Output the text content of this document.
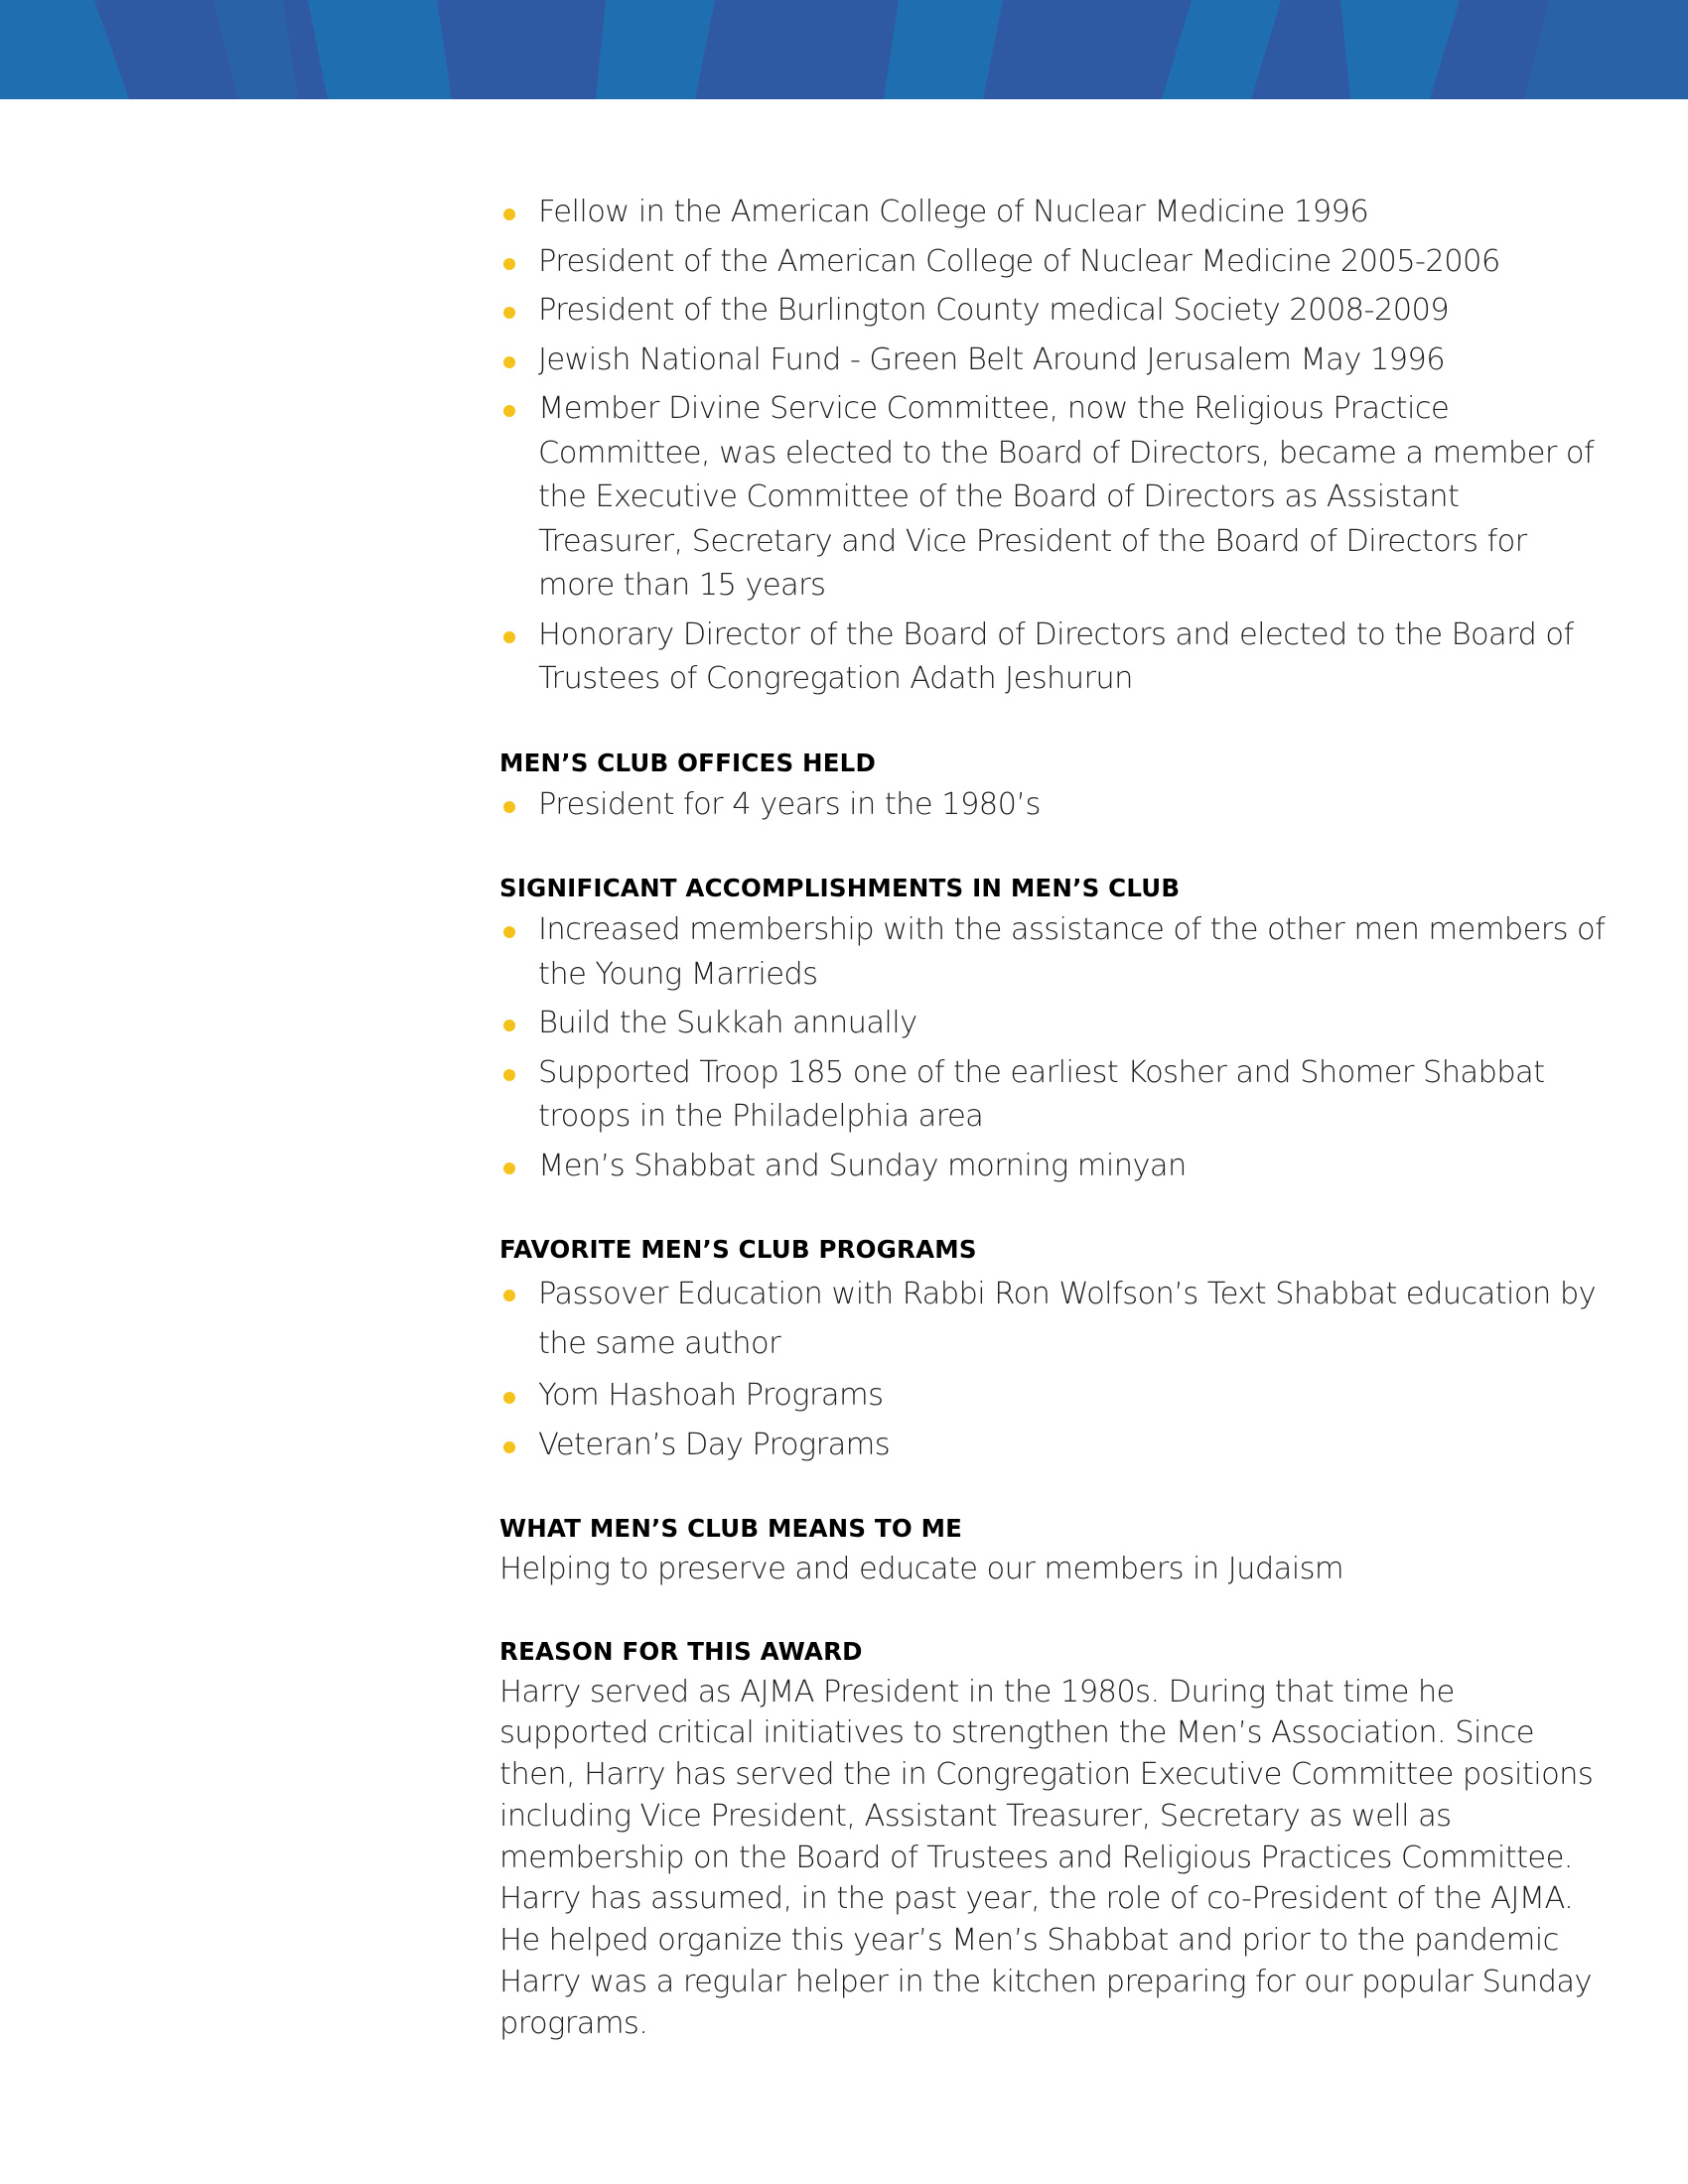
Fellow in the American College of Nuclear Medicine 1996
President of the American College of Nuclear Medicine 2005-2006
President of the Burlington County medical Society 2008-2009
Jewish National Fund - Green Belt Around Jerusalem May 1996
Member Divine Service Committee, now the Religious Practice Committee, was elected to the Board of Directors, became a member of the Executive Committee of the Board of Directors as Assistant Treasurer, Secretary and Vice President of the Board of Directors for more than 15 years
Honorary Director of the Board of Directors and elected to the Board of Trustees of Congregation Adath Jeshurun
MEN’S CLUB OFFICES HELD
President for 4 years in the 1980’s
SIGNIFICANT ACCOMPLISHMENTS IN MEN’S CLUB
Increased membership with the assistance of the other men members of the Young Marrieds
Build the Sukkah annually
Supported Troop 185 one of the earliest Kosher and Shomer Shabbat troops in the Philadelphia area
Men’s Shabbat and Sunday morning minyan
FAVORITE MEN’S CLUB PROGRAMS
Passover Education with Rabbi Ron Wolfson’s Text Shabbat education by the same author
Yom Hashoah Programs
Veteran’s Day Programs
WHAT MEN’S CLUB MEANS TO ME

Helping to preserve and educate our members in Judaism

REASON FOR THIS AWARD

Harry served as AJMA President in the 1980s. During that time he supported critical initiatives to strengthen the Men’s Association. Since then, Harry has served the in Congregation Executive Committee positions including Vice President, Assistant Treasurer, Secretary as well as membership on the Board of Trustees and Religious Practices Committee. Harry has assumed, in the past year, the role of co-President of the AJMA. He helped organize this year’s Men’s Shabbat and prior to the pandemic Harry was a regular helper in the kitchen preparing for our popular Sunday programs.
